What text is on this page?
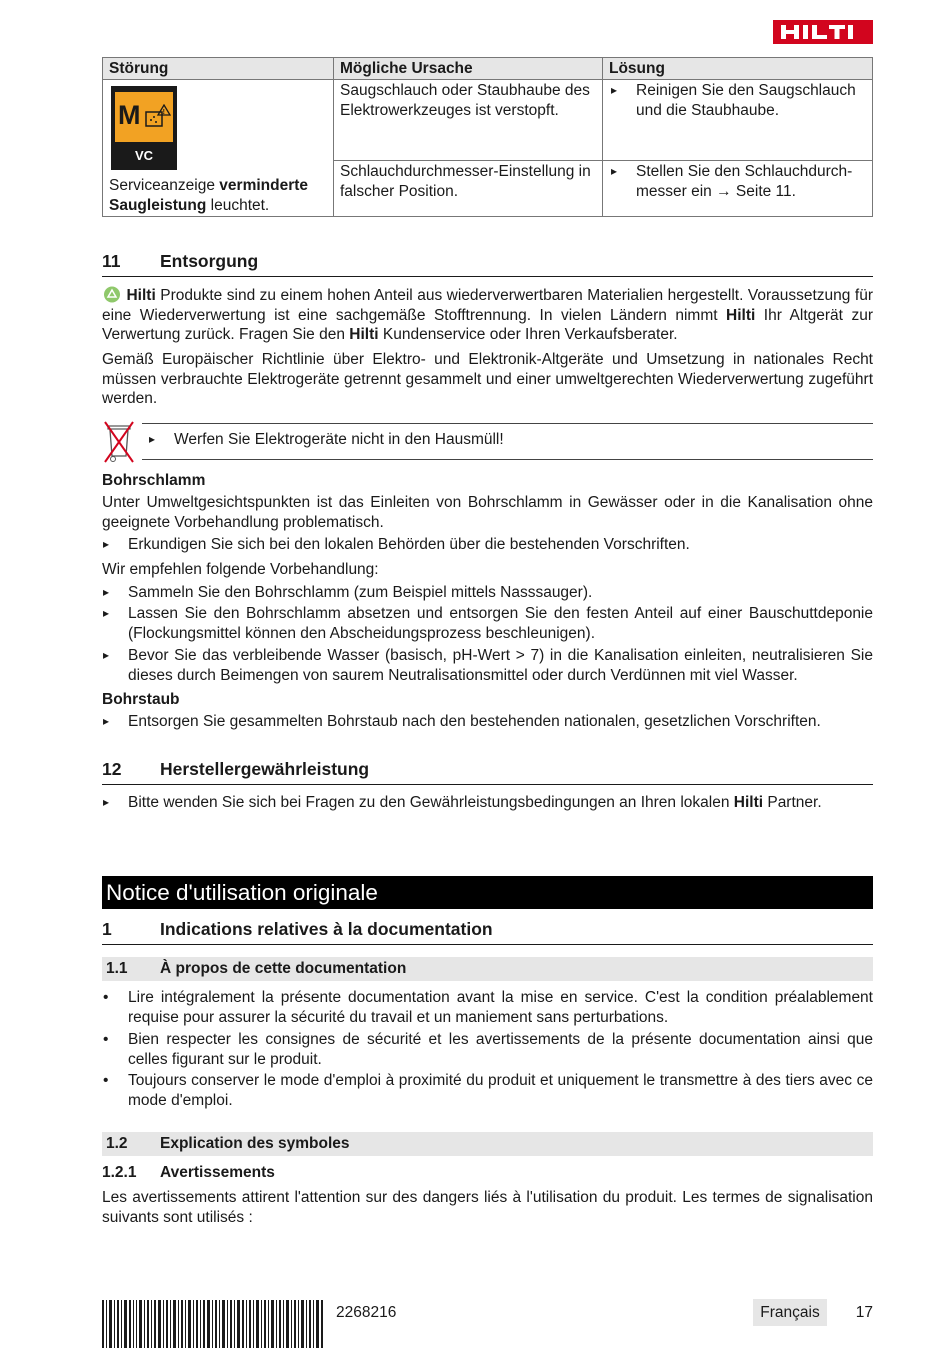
Störung	Mögliche Ursache	Lösung

M !
VC
Serviceanzeige verminderte Saugleistung leuchtet.	Saugschlauch oder Staubhaube des Elektrowerkzeuges ist verstopft.	▸ Reinigen Sie den Saugschlauch und die Staubhaube.
	Schlauchdurchmesser-Einstellung in falscher Position.	▸ Stellen Sie den Schlauchdurchmesser ein → Seite 11.
11 Entsorgung
Hilti Produkte sind zu einem hohen Anteil aus wiederverwertbaren Materialien hergestellt. Voraussetzung für eine Wiederverwertung ist eine sachgemäße Stofftrennung. In vielen Ländern nimmt Hilti Ihr Altgerät zur Verwertung zurück. Fragen Sie den Hilti Kundenservice oder Ihren Verkaufsberater.
Gemäß Europäischer Richtlinie über Elektro- und Elektronik-Altgeräte und Umsetzung in nationales Recht müssen verbrauchte Elektrogeräte getrennt gesammelt und einer umweltgerechten Wiederverwertung zugeführt werden.
▸ Werfen Sie Elektrogeräte nicht in den Hausmüll!
Bohrschlamm
Unter Umweltgesichtspunkten ist das Einleiten von Bohrschlamm in Gewässer oder in die Kanalisation ohne geeignete Vorbehandlung problematisch.
▸ Erkundigen Sie sich bei den lokalen Behörden über die bestehenden Vorschriften.
Wir empfehlen folgende Vorbehandlung:
▸ Sammeln Sie den Bohrschlamm (zum Beispiel mittels Nasssauger).
▸ Lassen Sie den Bohrschlamm absetzen und entsorgen Sie den festen Anteil auf einer Bauschuttdeponie (Flockungsmittel können den Abscheidungsprozess beschleunigen).
▸ Bevor Sie das verbleibende Wasser (basisch, pH-Wert > 7) in die Kanalisation einleiten, neutralisieren Sie dieses durch Beimengen von saurem Neutralisationsmittel oder durch Verdünnen mit viel Wasser.
Bohrstaub
▸ Entsorgen Sie gesammelten Bohrstaub nach den bestehenden nationalen, gesetzlichen Vorschriften.
12 Herstellergewährleistung
▸ Bitte wenden Sie sich bei Fragen zu den Gewährleistungsbedingungen an Ihren lokalen Hilti Partner.
Notice d'utilisation originale
1	Indications relatives à la documentation
1.1 À propos de cette documentation
• Lire intégralement la présente documentation avant la mise en service. C'est la condition préalablement requise pour assurer la sécurité du travail et un maniement sans perturbations.
• Bien respecter les consignes de sécurité et les avertissements de la présente documentation ainsi que celles figurant sur le produit.
• Toujours conserver le mode d'emploi à proximité du produit et uniquement le transmettre à des tiers avec ce mode d'emploi.
1.2 Explication des symboles
1.2.1 Avertissements
Les avertissements attirent l'attention sur des dangers liés à l'utilisation du produit. Les termes de signalisation suivants sont utilisés :
2268216	Français	17
